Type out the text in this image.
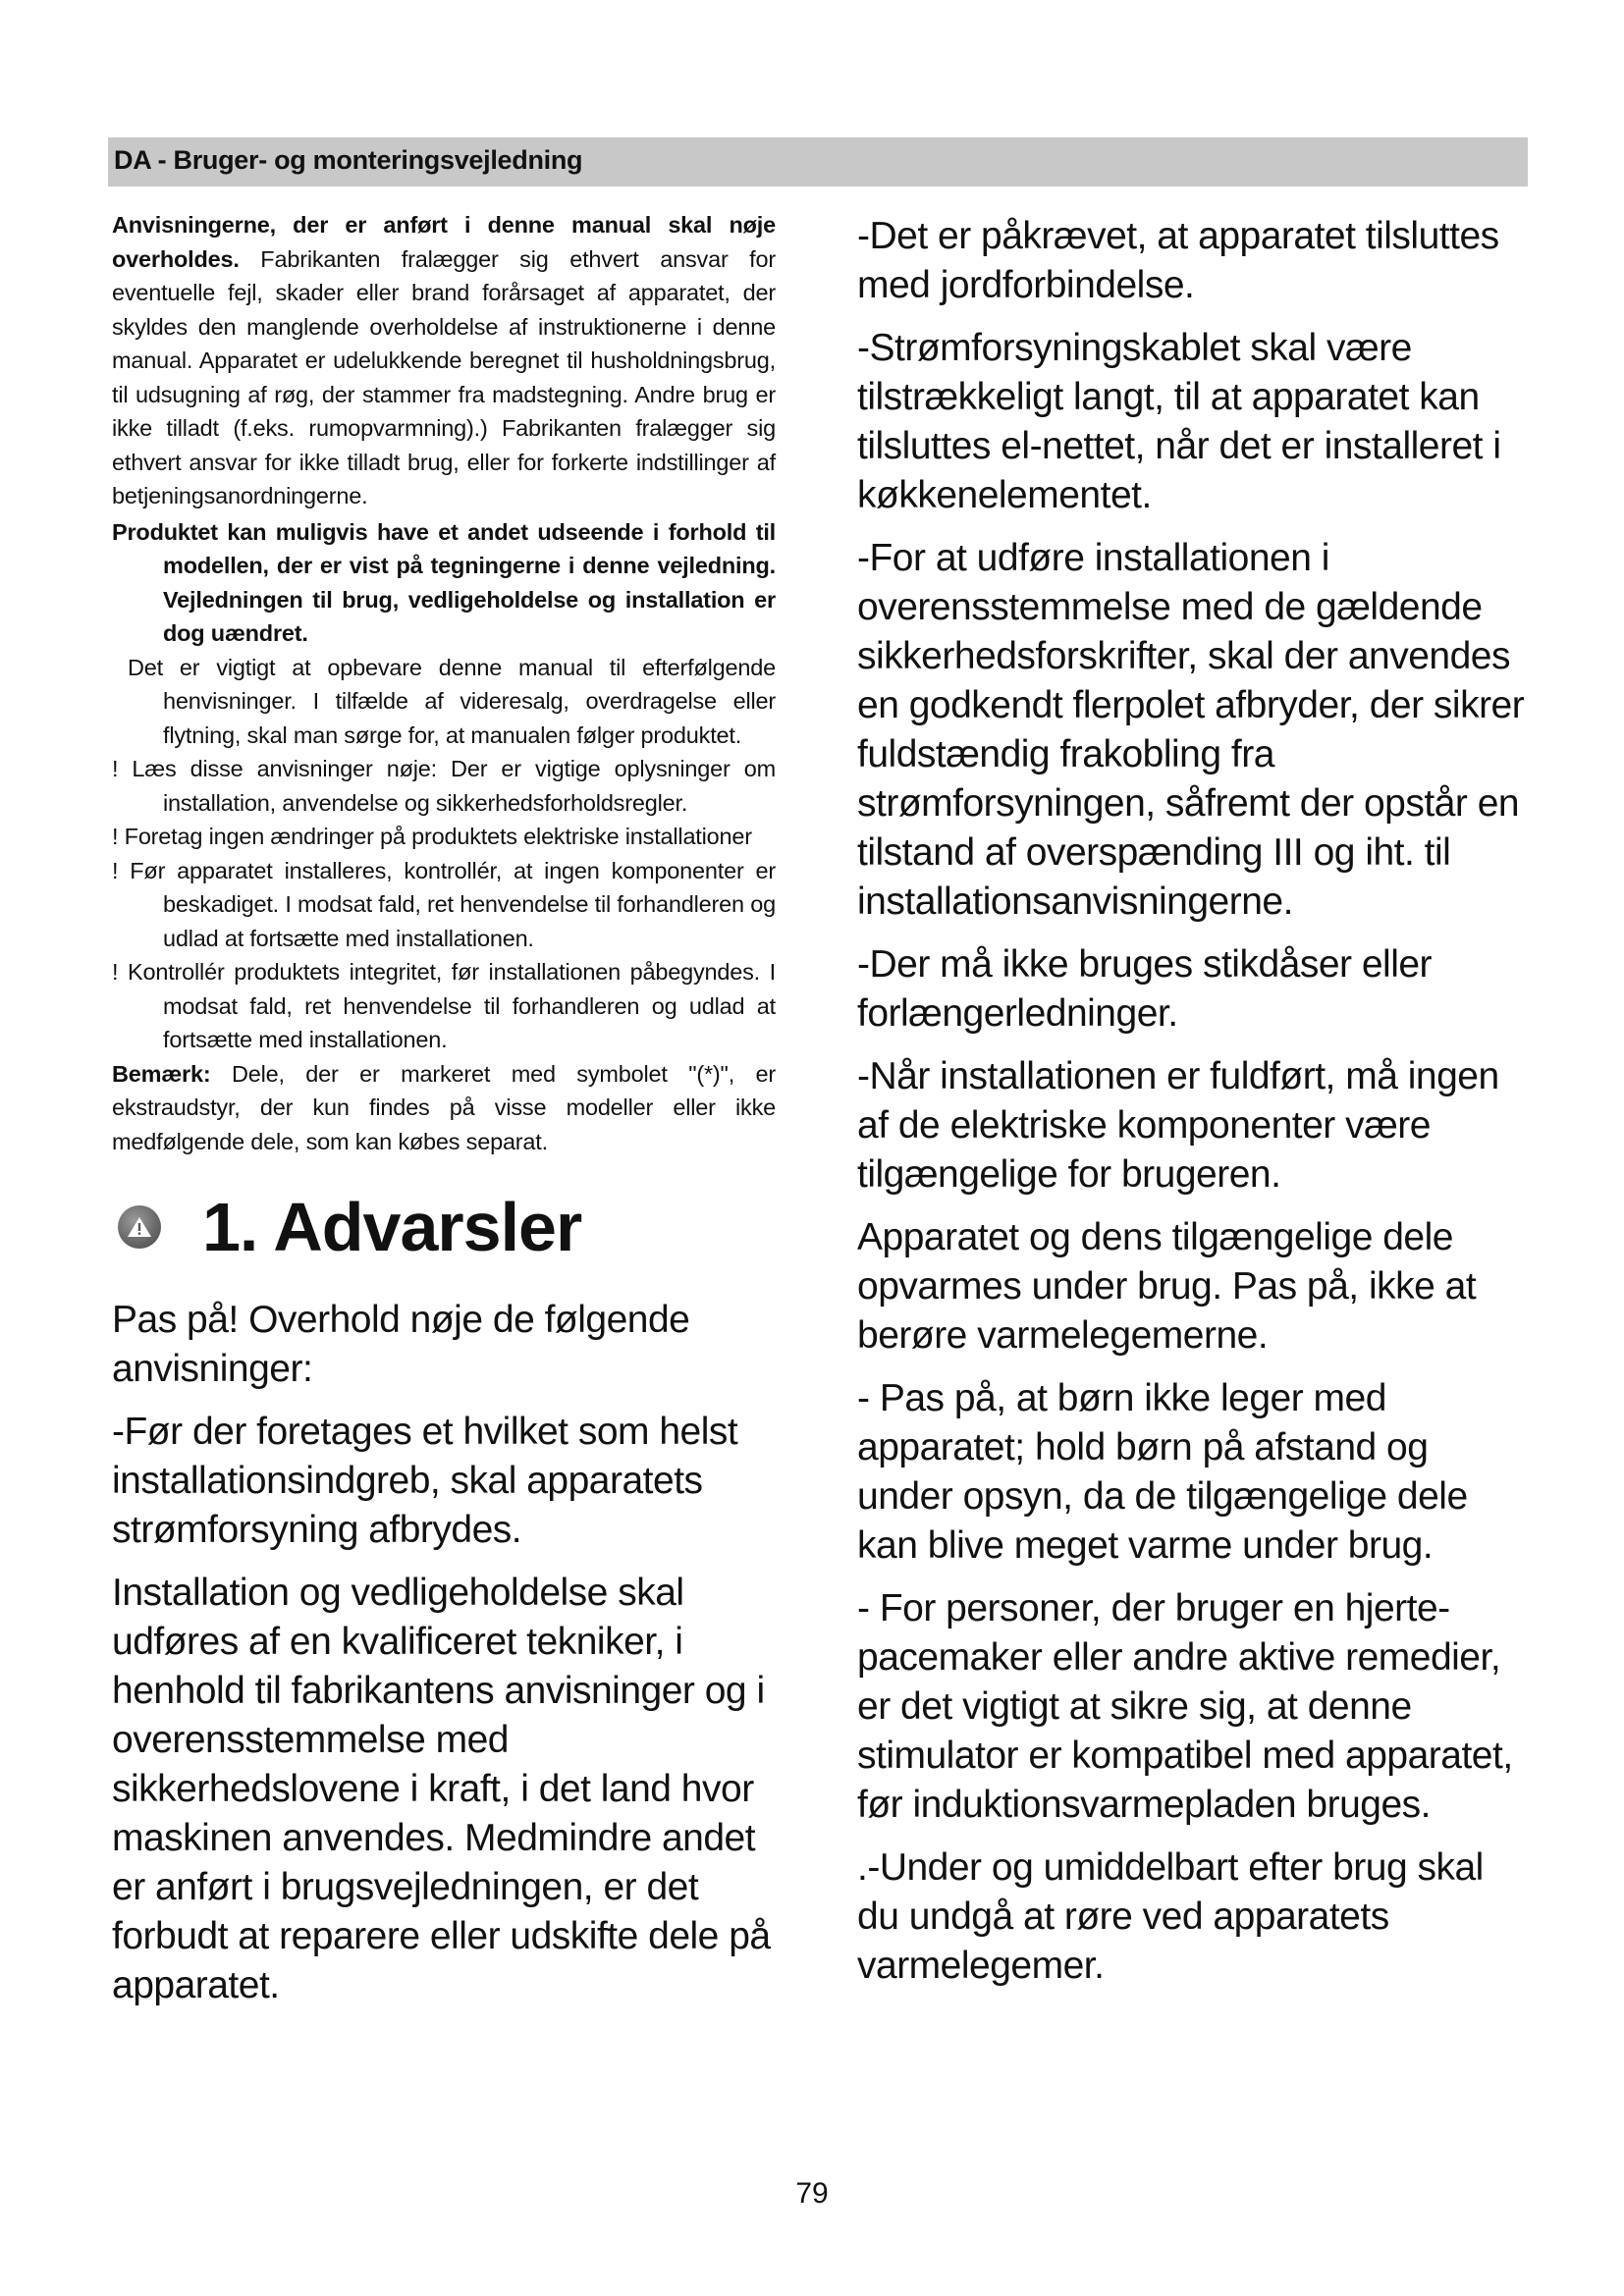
DA - Bruger- og monteringsvejledning

Anvisningerne, der er anført i denne manual skal nøje overholdes. Fabrikanten fralægger sig ethvert ansvar for eventuelle fejl, skader eller brand forårsaget af apparatet, der skyldes den manglende overholdelse af instruktionerne i denne manual. Apparatet er udelukkende beregnet til husholdningsbrug, til udsugning af røg, der stammer fra madstegning. Andre brug er ikke tilladt (f.eks. rumopvarmning).) Fabrikanten fralægger sig ethvert ansvar for ikke tilladt brug, eller for forkerte indstillinger af betjeningsanordningerne.

Produktet kan muligvis have et andet udseende i forhold til modellen, der er vist på tegningerne i denne vejledning. Vejledningen til brug, vedligeholdelse og installation er dog uændret.

Det er vigtigt at opbevare denne manual til efterfølgende henvisninger. I tilfælde af videresalg, overdragelse eller flytning, skal man sørge for, at manualen følger produktet.

! Læs disse anvisninger nøje: Der er vigtige oplysninger om installation, anvendelse og sikkerhedsforholdsregler.

! Foretag ingen ændringer på produktets elektriske installationer

! Før apparatet installeres, kontrollér, at ingen komponenter er beskadiget. I modsat fald, ret henvendelse til forhandleren og udlad at fortsætte med installationen.

! Kontrollér produktets integritet, før installationen påbegyndes. I modsat fald, ret henvendelse til forhandleren og udlad at fortsætte med installationen.

Bemærk: Dele, der er markeret med symbolet "(*)", er ekstraudstyr, der kun findes på visse modeller eller ikke medfølgende dele, som kan købes separat.

1. Advarsler

Pas på! Overhold nøje de følgende anvisninger:

-Før der foretages et hvilket som helst installationsindgreb, skal apparatets strømforsyning afbrydes.

Installation og vedligeholdelse skal udføres af en kvalificeret tekniker, i henhold til fabrikantens anvisninger og i overensstemmelse med sikkerhedslovene i kraft, i det land hvor maskinen anvendes. Medmindre andet er anført i brugsvejledningen, er det forbudt at reparere eller udskifte dele på apparatet.

-Det er påkrævet, at apparatet tilsluttes med jordforbindelse.

-Strømforsyningskablet skal være tilstrækkeligt langt, til at apparatet kan tilsluttes el-nettet, når det er installeret i køkkenelementet.

-For at udføre installationen i overensstemmelse med de gældende sikkerhedsforskrifter, skal der anvendes en godkendt flerpolet afbryder, der sikrer fuldstændig frakobling fra strømforsyningen, såfremt der opstår en tilstand af overspænding III og iht. til installationsanvisningerne.

-Der må ikke bruges stikdåser eller forlængerledninger.

-Når installationen er fuldført, må ingen af de elektriske komponenter være tilgængelige for brugeren.

Apparatet og dens tilgængelige dele opvarmes under brug. Pas på, ikke at berøre varmelegemerne.

- Pas på, at børn ikke leger med apparatet; hold børn på afstand og under opsyn, da de tilgængelige dele kan blive meget varme under brug.

- For personer, der bruger en hjerte-pacemaker eller andre aktive remedier, er det vigtigt at sikre sig, at denne stimulator er kompatibel med apparatet, før induktionsvarmepladen bruges.

.-Under og umiddelbart efter brug skal du undgå at røre ved apparatets varmelegemer.

79
